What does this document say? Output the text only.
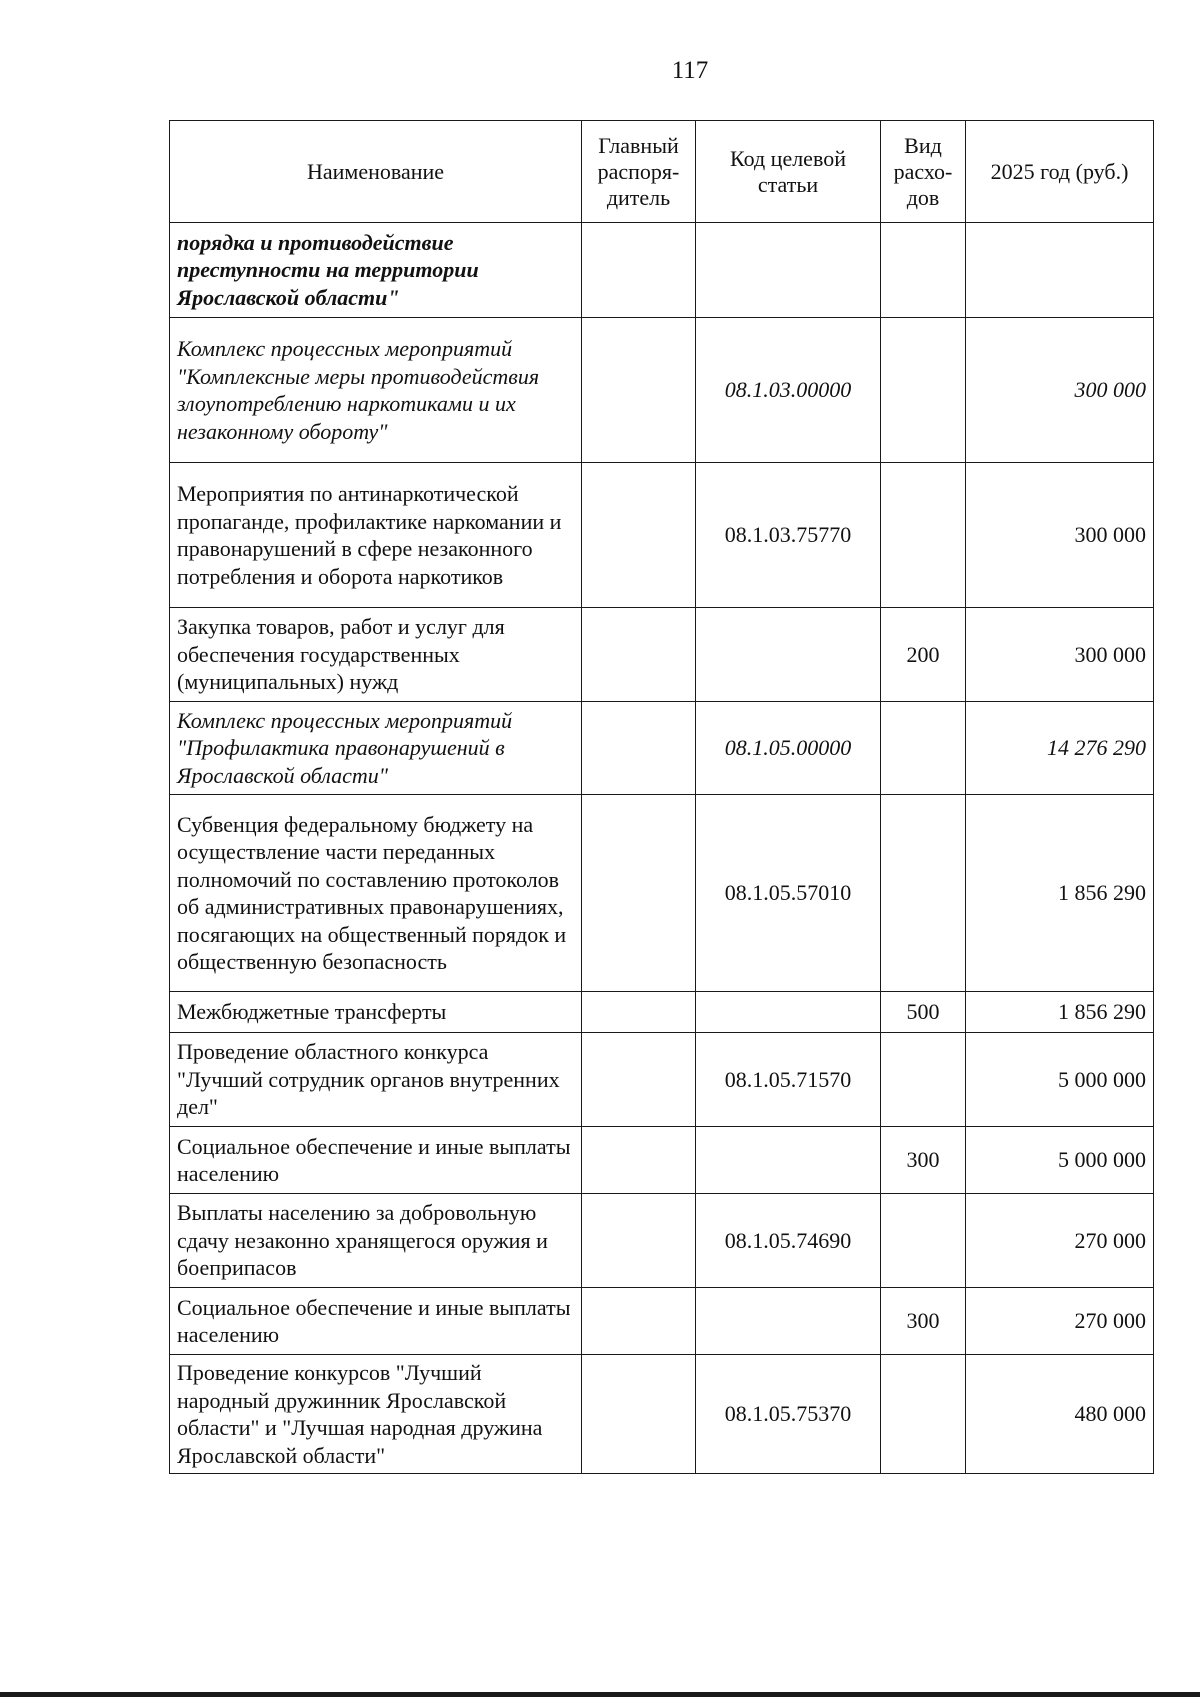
117
Наименование	Главный распоря-дитель	Код целевой статьи	Вид расхо-дов	2025 год (руб.)
порядка и противодействие преступности на территории Ярославской области"				
Комплекс процессных мероприятий "Комплексные меры противодействия злоупотреблению наркотиками и их незаконному обороту"		08.1.03.00000		300 000
Мероприятия по антинаркотической пропаганде, профилактике наркомании и правонарушений в сфере незаконного потребления и оборота наркотиков		08.1.03.75770		300 000
Закупка товаров, работ и услуг для обеспечения государственных (муниципальных) нужд			200	300 000
Комплекс процессных мероприятий "Профилактика правонарушений в Ярославской области"		08.1.05.00000		14 276 290
Субвенция федеральному бюджету на осуществление части переданных полномочий по составлению протоколов об административных правонарушениях, посягающих на общественный порядок и общественную безопасность		08.1.05.57010		1 856 290
Межбюджетные трансферты			500	1 856 290
Проведение областного конкурса "Лучший сотрудник органов внутренних дел"		08.1.05.71570		5 000 000
Социальное обеспечение и иные выплаты населению			300	5 000 000
Выплаты населению за добровольную сдачу незаконно хранящегося оружия и боеприпасов		08.1.05.74690		270 000
Социальное обеспечение и иные выплаты населению			300	270 000
Проведение конкурсов "Лучший народный дружинник Ярославской области" и "Лучшая народная дружина Ярославской области"		08.1.05.75370		480 000
